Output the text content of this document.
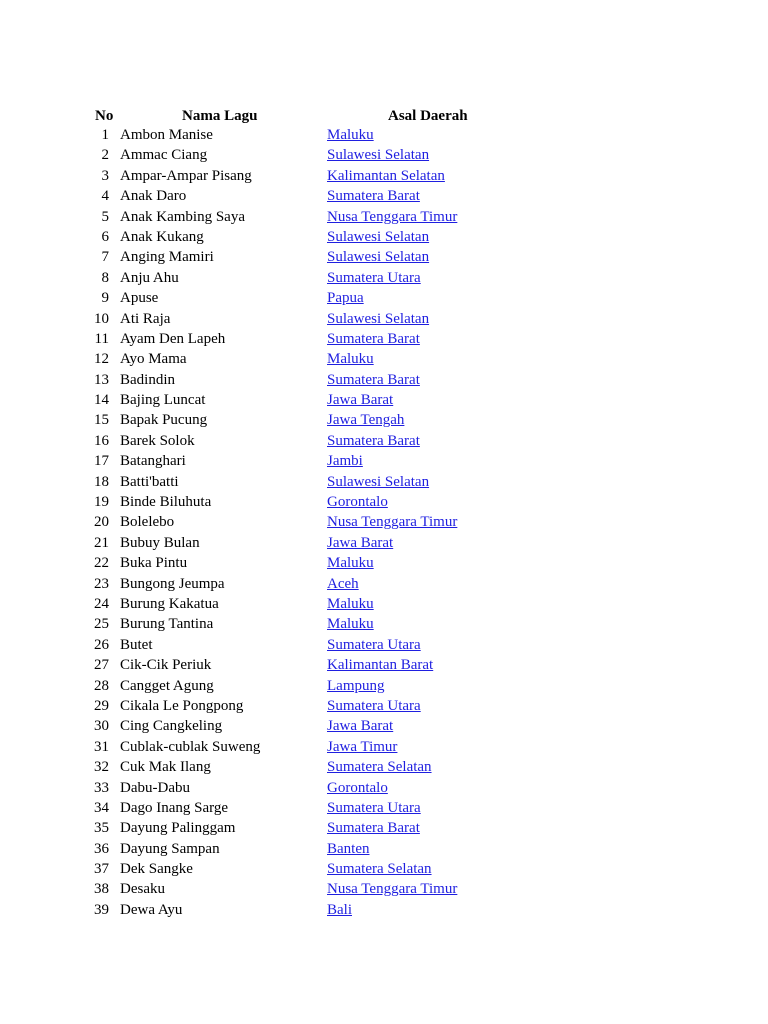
No	Nama Lagu	Asal Daerah
1 Ambon Manise	Maluku
2 Ammac Ciang	Sulawesi Selatan
3 Ampar-Ampar Pisang	Kalimantan Selatan
4 Anak Daro	Sumatera Barat
5 Anak Kambing Saya	Nusa Tenggara Timur
6 Anak Kukang	Sulawesi Selatan
7 Anging Mamiri	Sulawesi Selatan
8 Anju Ahu	Sumatera Utara
9 Apuse	Papua
10 Ati Raja	Sulawesi Selatan
11 Ayam Den Lapeh	Sumatera Barat
12 Ayo Mama	Maluku
13 Badindin	Sumatera Barat
14 Bajing Luncat	Jawa Barat
15 Bapak Pucung	Jawa Tengah
16 Barek Solok	Sumatera Barat
17 Batanghari	Jambi
18 Batti'batti	Sulawesi Selatan
19 Binde Biluhuta	Gorontalo
20 Bolelebo	Nusa Tenggara Timur
21 Bubuy Bulan	Jawa Barat
22 Buka Pintu	Maluku
23 Bungong Jeumpa	Aceh
24 Burung Kakatua	Maluku
25 Burung Tantina	Maluku
26 Butet	Sumatera Utara
27 Cik-Cik Periuk	Kalimantan Barat
28 Cangget Agung	Lampung
29 Cikala Le Pongpong	Sumatera Utara
30 Cing Cangkeling	Jawa Barat
31 Cublak-cublak Suweng	Jawa Timur
32 Cuk Mak Ilang	Sumatera Selatan
33 Dabu-Dabu	Gorontalo
34 Dago Inang Sarge	Sumatera Utara
35 Dayung Palinggam	Sumatera Barat
36 Dayung Sampan	Banten
37 Dek Sangke	Sumatera Selatan
38 Desaku	Nusa Tenggara Timur
39 Dewa Ayu	Bali
